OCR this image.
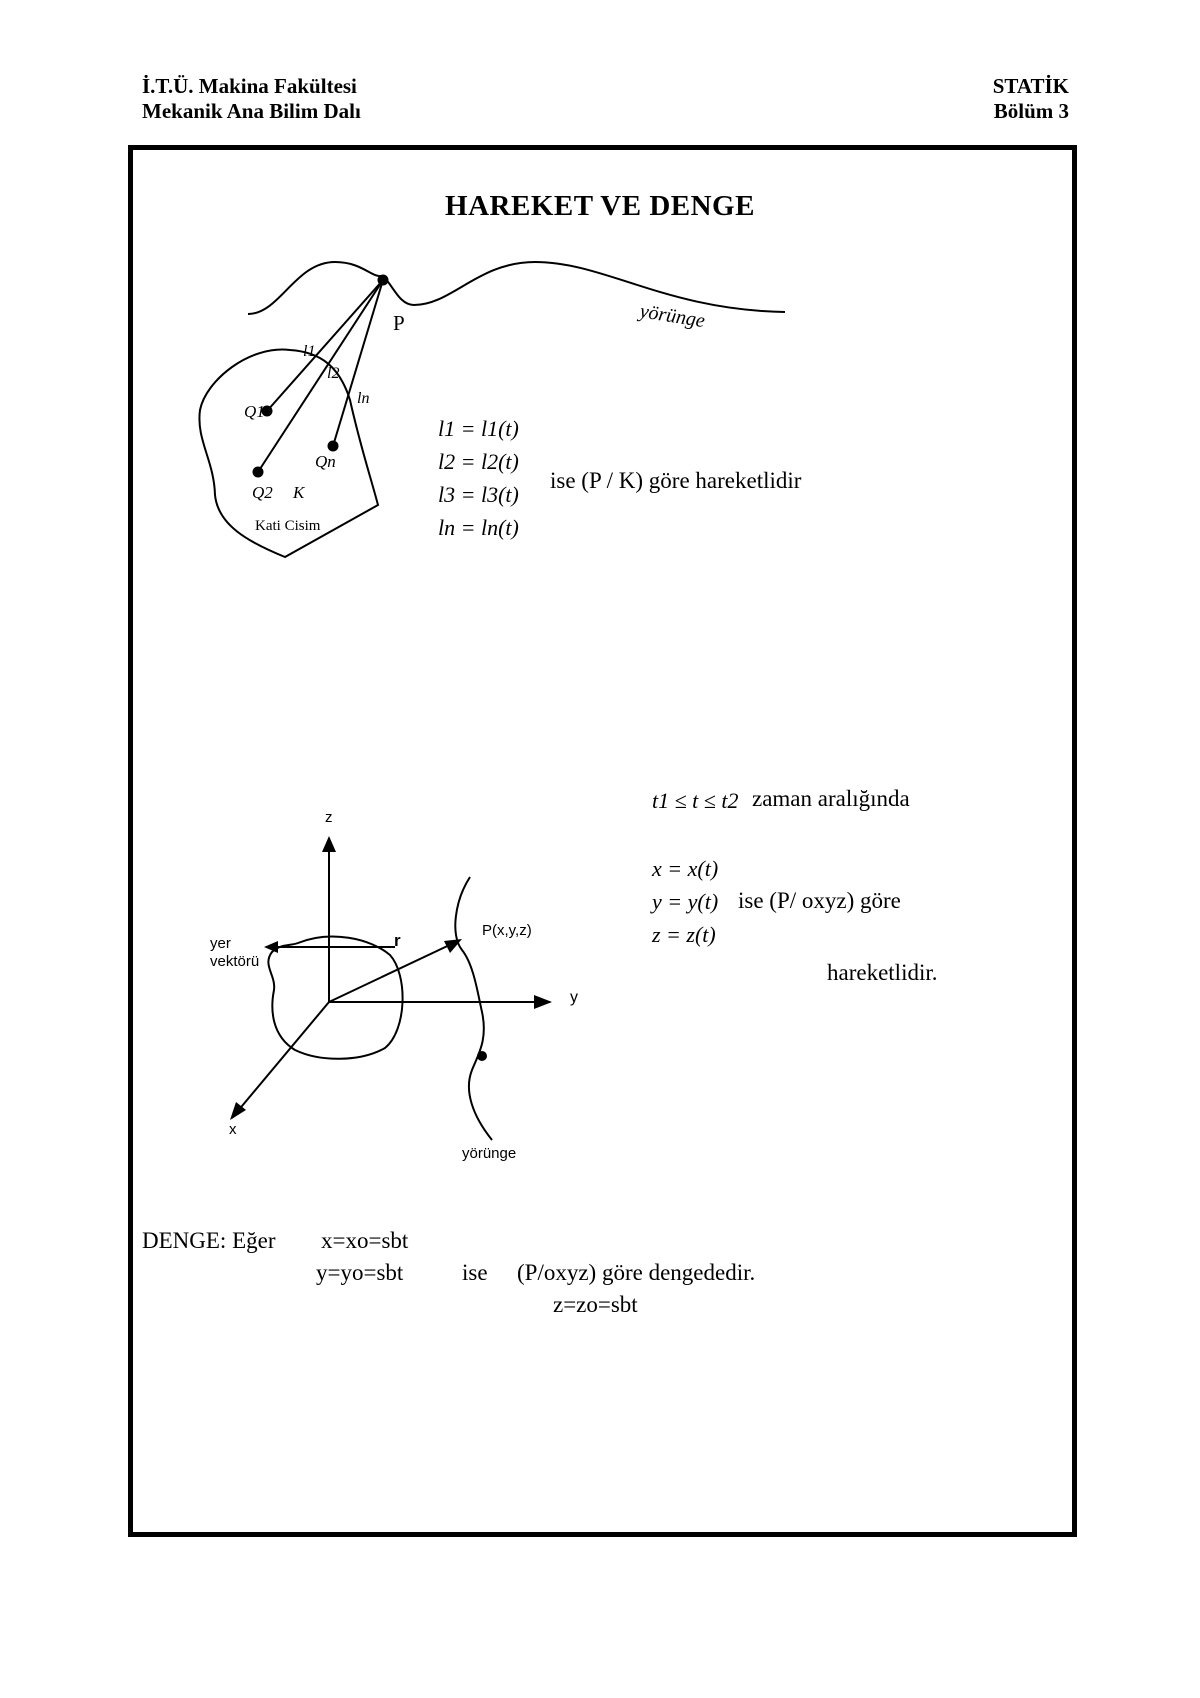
İ.T.Ü. Makina Fakültesi
Mekanik Ana Bilim Dalı
STATİK
Bölüm 3
HAREKET VE DENGE
P	yörünge
l1
l2
ln
Q1
Q2
Qn
K
Kati Cisim
z
y
x
r
P(x,y,z)
yer
vektörü
yörünge
l1 = l1(t)
l2 = l2(t)
l3 = l3(t)
ln = ln(t)
ise (P / K) göre hareketlidir
t1 ≤ t ≤ t2 zaman aralığında
x = x(t)
y = y(t)
z = z(t)
ise (P/ oxyz) göre
hareketlidir.
DENGE: Eğer x=xo=sbt
y=yo=sbt	ise (P/oxyz) göre dengededir.
z=zo=sbt
